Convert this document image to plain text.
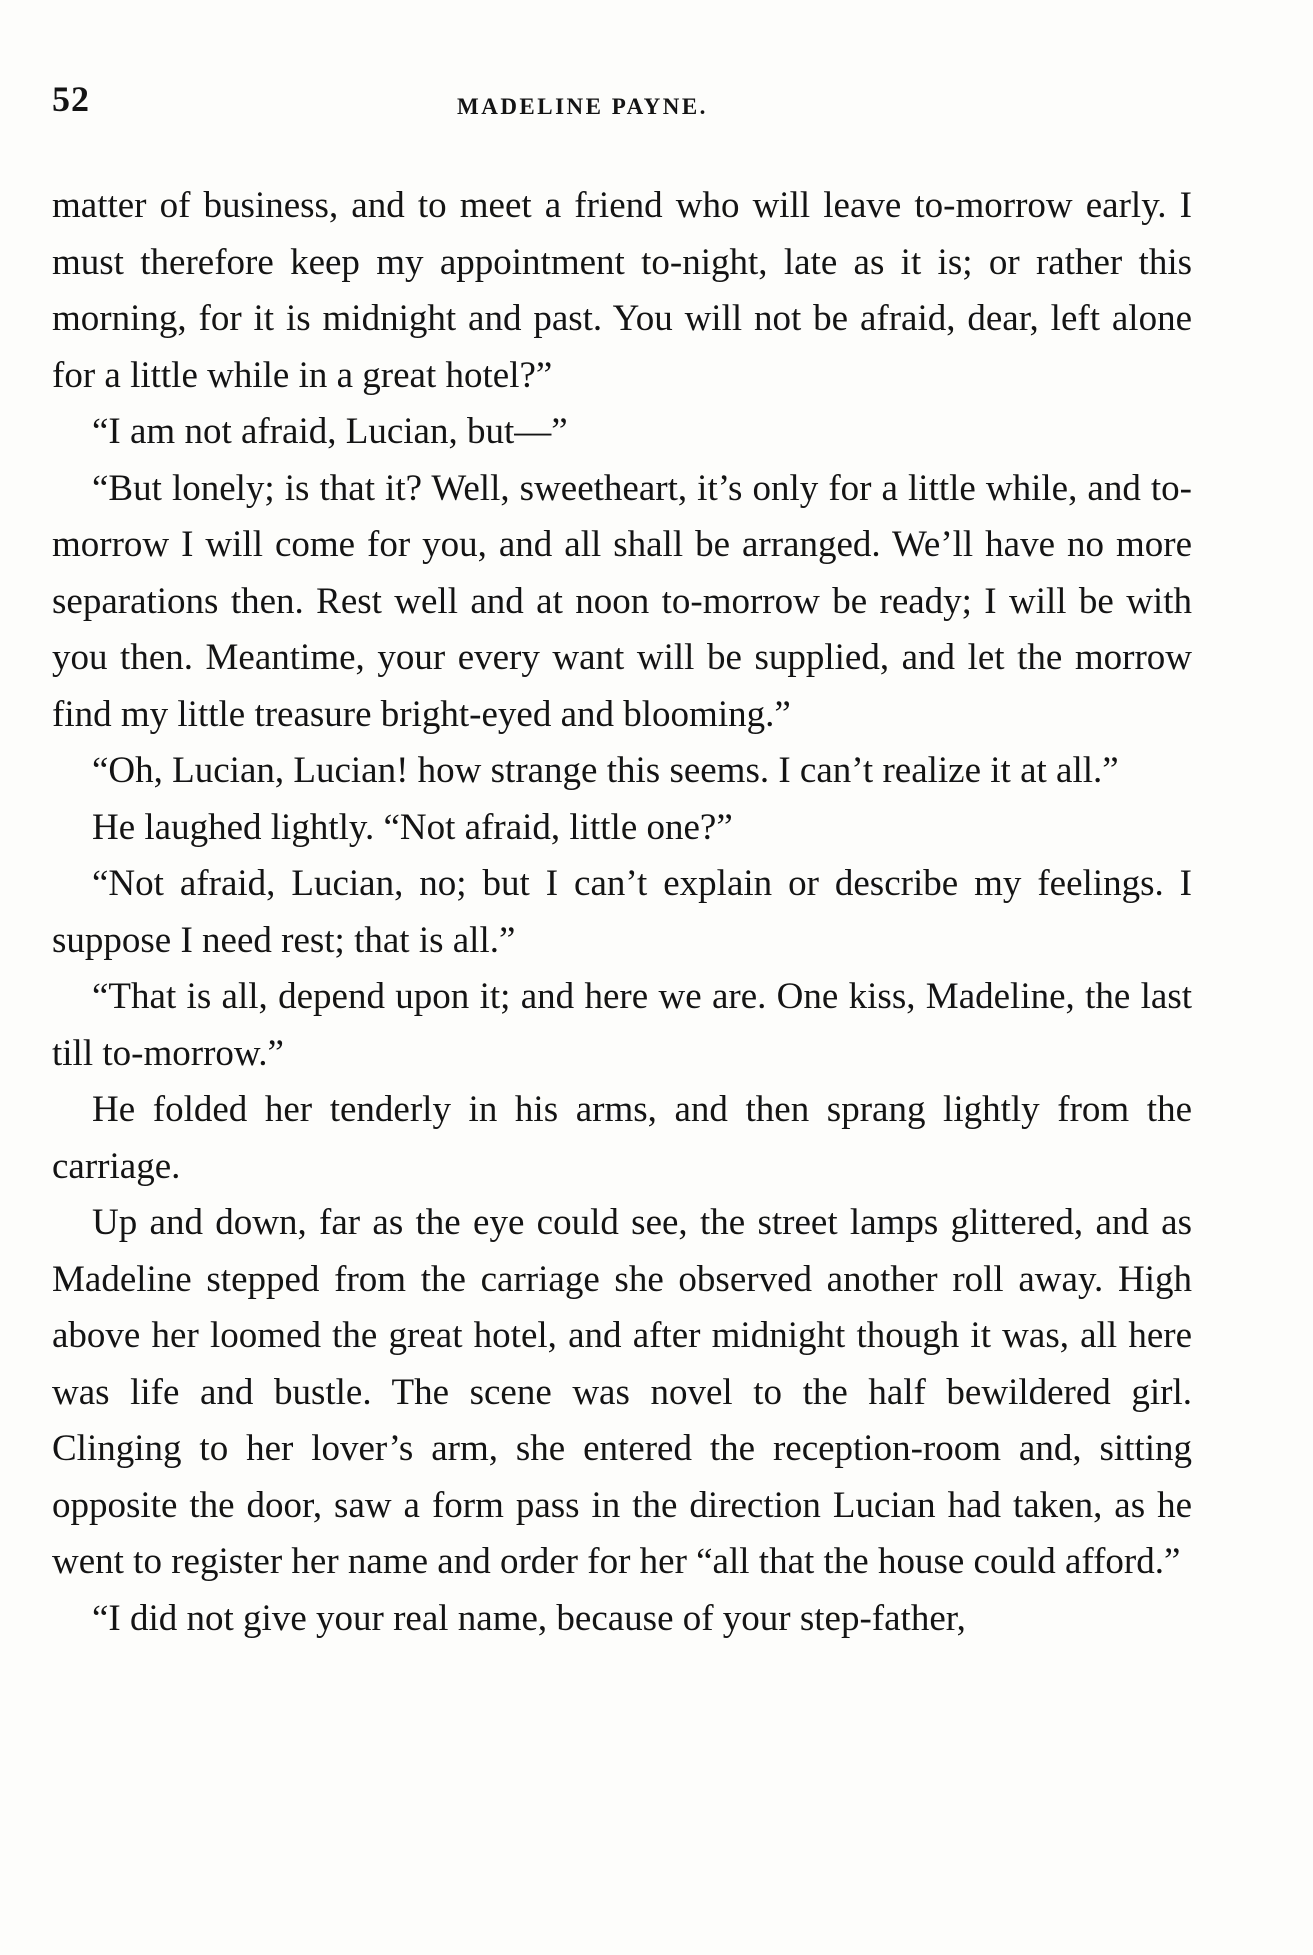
52	MADELINE PAYNE.

matter of business, and to meet a friend who will leave to-morrow early. I must therefore keep my appointment to-night, late as it is; or rather this morning, for it is midnight and past. You will not be afraid, dear, left alone for a little while in a great hotel?”

“I am not afraid, Lucian, but—”

“But lonely; is that it? Well, sweetheart, it’s only for a little while, and to-morrow I will come for you, and all shall be arranged. We’ll have no more separations then. Rest well and at noon to-morrow be ready; I will be with you then. Meantime, your every want will be supplied, and let the morrow find my little treasure bright-eyed and blooming.”

“Oh, Lucian, Lucian! how strange this seems. I can’t realize it at all.”

He laughed lightly. “Not afraid, little one?”

“Not afraid, Lucian, no; but I can’t explain or describe my feelings. I suppose I need rest; that is all.”

“That is all, depend upon it; and here we are. One kiss, Madeline, the last till to-morrow.”

He folded her tenderly in his arms, and then sprang lightly from the carriage.

Up and down, far as the eye could see, the street lamps glittered, and as Madeline stepped from the carriage she observed another roll away. High above her loomed the great hotel, and after midnight though it was, all here was life and bustle. The scene was novel to the half bewildered girl. Clinging to her lover’s arm, she entered the reception-room and, sitting opposite the door, saw a form pass in the direction Lucian had taken, as he went to register her name and order for her “all that the house could afford.”

“I did not give your real name, because of your step-father,
